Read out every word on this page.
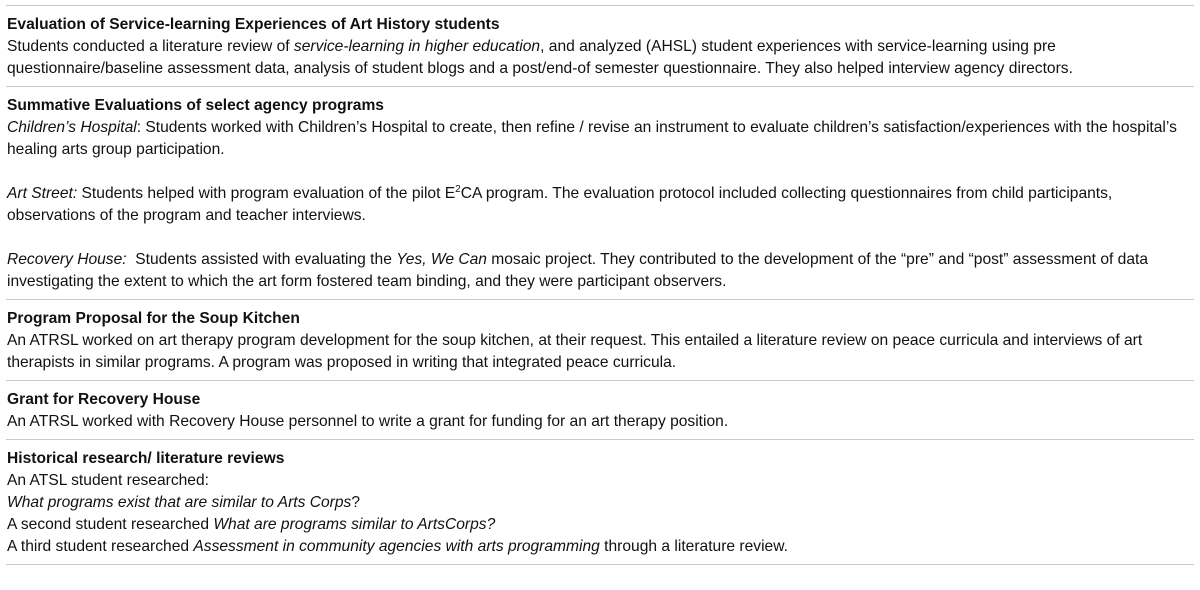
Evaluation of Service-learning Experiences of Art History students
Students conducted a literature review of service-learning in higher education, and analyzed (AHSL) student experiences with service-learning using pre questionnaire/baseline assessment data, analysis of student blogs and a post/end-of semester questionnaire. They also helped interview agency directors.
Summative Evaluations of select agency programs
Children’s Hospital: Students worked with Children’s Hospital to create, then refine / revise an instrument to evaluate children’s satisfaction/experiences with the hospital’s healing arts group participation.
Art Street: Students helped with program evaluation of the pilot $E^2CA$ program. The evaluation protocol included collecting questionnaires from child participants, observations of the program and teacher interviews.
Recovery House:  Students assisted with evaluating the Yes, We Can mosaic project. They contributed to the development of the “pre” and “post” assessment of data investigating the extent to which the art form fostered team binding, and they were participant observers.
Program Proposal for the Soup Kitchen
An ATRSL worked on art therapy program development for the soup kitchen, at their request. This entailed a literature review on peace curricula and interviews of art therapists in similar programs. A program was proposed in writing that integrated peace curricula.
Grant for Recovery House
An ATRSL worked with Recovery House personnel to write a grant for funding for an art therapy position.
Historical research/ literature reviews
An ATSL student researched:
What programs exist that are similar to Arts Corps?
A second student researched What are programs similar to ArtsCorps?
A third student researched Assessment in community agencies with arts programming through a literature review.
